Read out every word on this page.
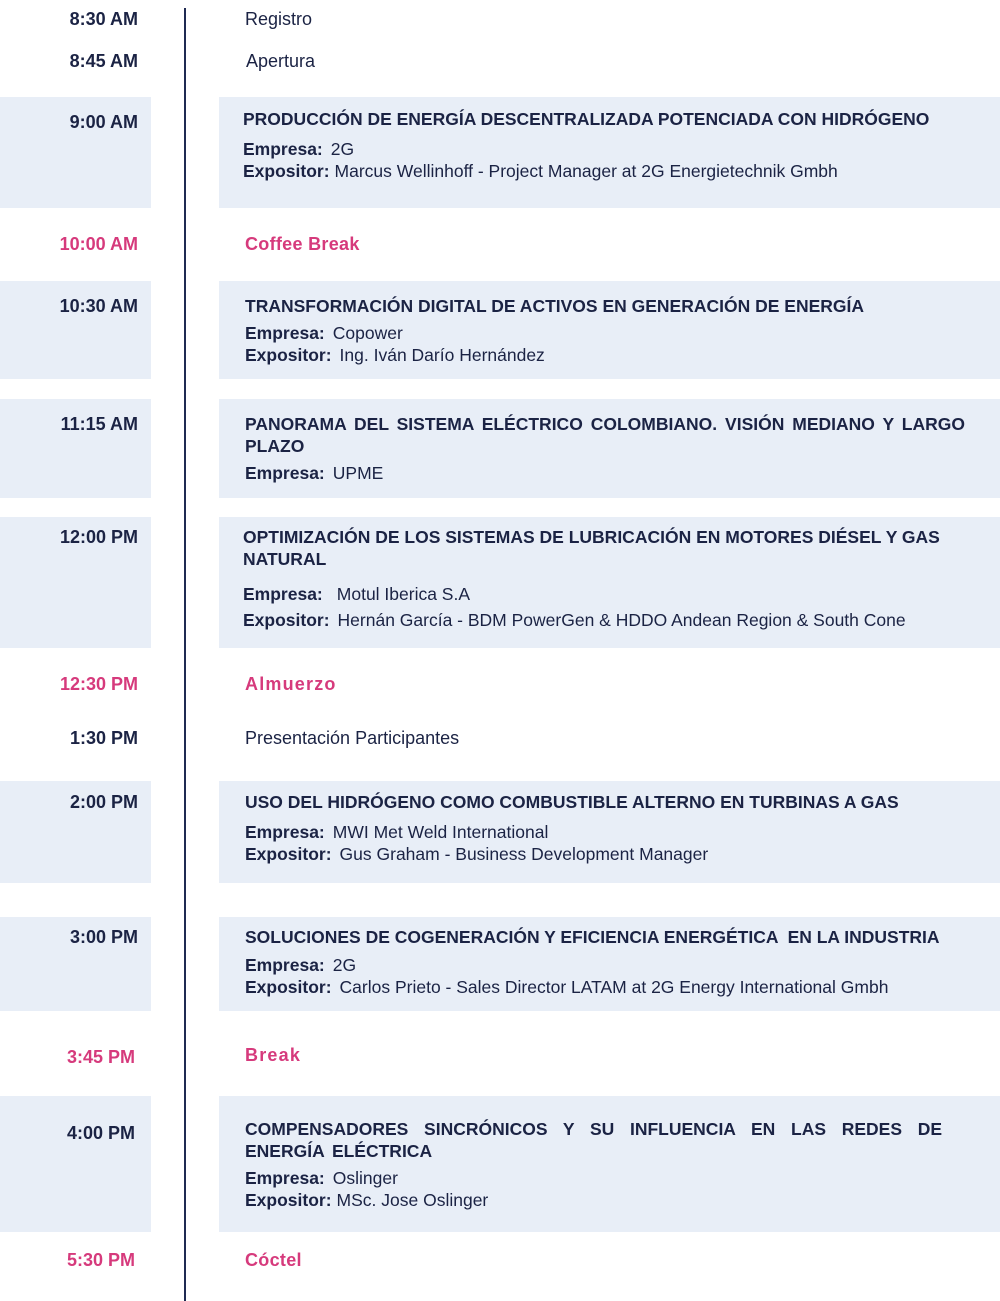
8:30 AM	Registro
8:45 AM	Apertura
9:00 AM	PRODUCCIÓN DE ENERGÍA DESCENTRALIZADA POTENCIADA CON HIDRÓGENO

Empresa: 2G

Expositor: Marcus Wellinhoff - Project Manager at 2G Energietechnik Gmbh

10:00 AM	Coffee Break
10:30 AM	TRANSFORMACIÓN DIGITAL DE ACTIVOS EN GENERACIÓN DE ENERGÍA

Empresa: Copower

Expositor: Ing. Iván Darío Hernández

11:15 AM	PANORAMA DEL SISTEMA ELÉCTRICO COLOMBIANO. VISIÓN MEDIANO Y LARGO PLAZO

Empresa: UPME

12:00 PM	OPTIMIZACIÓN DE LOS SISTEMAS DE LUBRICACIÓN EN MOTORES DIÉSEL Y GAS NATURAL

Empresa: Motul Iberica S.A

Expositor: Hernán García - BDM PowerGen & HDDO Andean Region & South Cone

12:30 PM	Almuerzo
1:30 PM	Presentación Participantes
2:00 PM	USO DEL HIDRÓGENO COMO COMBUSTIBLE ALTERNO EN TURBINAS A GAS

Empresa: MWI Met Weld International

Expositor: Gus Graham - Business Development Manager

3:00 PM	SOLUCIONES DE COGENERACIÓN Y EFICIENCIA ENERGÉTICA  EN LA INDUSTRIA

Empresa: 2G

Expositor: Carlos Prieto - Sales Director LATAM at 2G Energy International Gmbh

3:45 PM	Break
4:00 PM	COMPENSADORES SINCRÓNICOS Y SU INFLUENCIA EN LAS REDES DE ENERGÍA ELÉCTRICA

Empresa: Oslinger

Expositor: MSc. Jose Oslinger

5:30 PM	Cóctel
